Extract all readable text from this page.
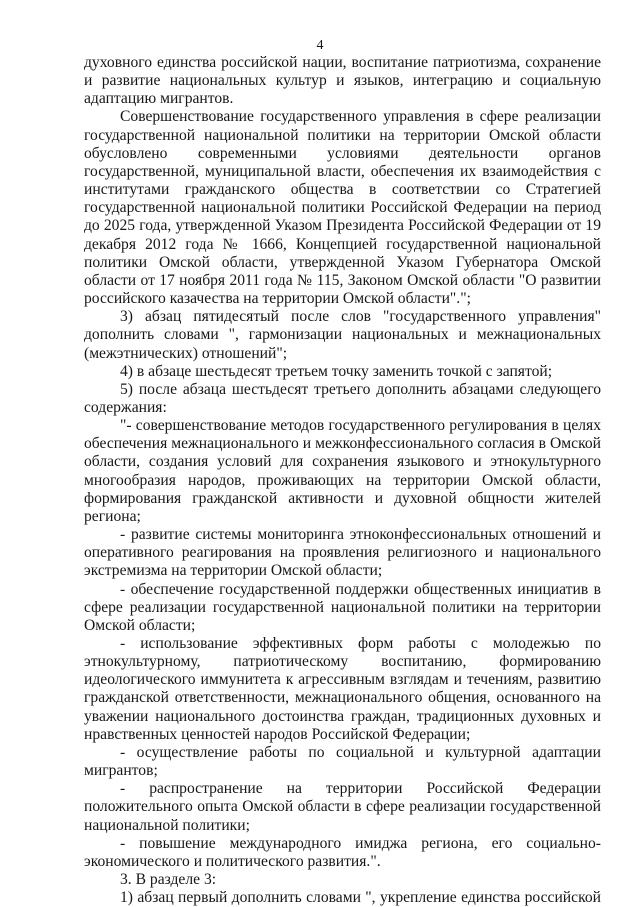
4

духовного единства российской нации, воспитание патриотизма, сохранение и развитие национальных культур и языков, интеграцию и социальную адаптацию мигрантов.

Совершенствование государственного управления в сфере реализации государственной национальной политики на территории Омской области обусловлено современными условиями деятельности органов государственной, муниципальной власти, обеспечения их взаимодействия с институтами гражданского общества в соответствии со Стратегией государственной национальной политики Российской Федерации на период до 2025 года, утвержденной Указом Президента Российской Федерации от 19 декабря 2012 года № 1666, Концепцией государственной национальной политики Омской области, утвержденной Указом Губернатора Омской области от 17 ноября 2011 года № 115, Законом Омской области "О развитии российского казачества на территории Омской области".";

3) абзац пятидесятый после слов "государственного управления" дополнить словами ", гармонизации национальных и межнациональных (межэтнических) отношений";

4) в абзаце шестьдесят третьем точку заменить точкой с запятой;

5) после абзаца шестьдесят третьего дополнить абзацами следующего содержания:

"- совершенствование методов государственного регулирования в целях обеспечения межнационального и межконфессионального согласия в Омской области, создания условий для сохранения языкового и этнокультурного многообразия народов, проживающих на территории Омской области, формирования гражданской активности и духовной общности жителей региона;

- развитие системы мониторинга этноконфессиональных отношений и оперативного реагирования на проявления религиозного и национального экстремизма на территории Омской области;

- обеспечение государственной поддержки общественных инициатив в сфере реализации государственной национальной политики на территории Омской области;

- использование эффективных форм работы с молодежью по этнокультурному, патриотическому воспитанию, формированию идеологического иммунитета к агрессивным взглядам и течениям, развитию гражданской ответственности, межнационального общения, основанного на уважении национального достоинства граждан, традиционных духовных и нравственных ценностей народов Российской Федерации;

- осуществление работы по социальной и культурной адаптации мигрантов;

- распространение на территории Российской Федерации положительного опыта Омской области в сфере реализации государственной национальной политики;

- повышение международного имиджа региона, его социально-экономического и политического развития.".

3. В разделе 3:

1) абзац первый дополнить словами ", укрепление единства российской
